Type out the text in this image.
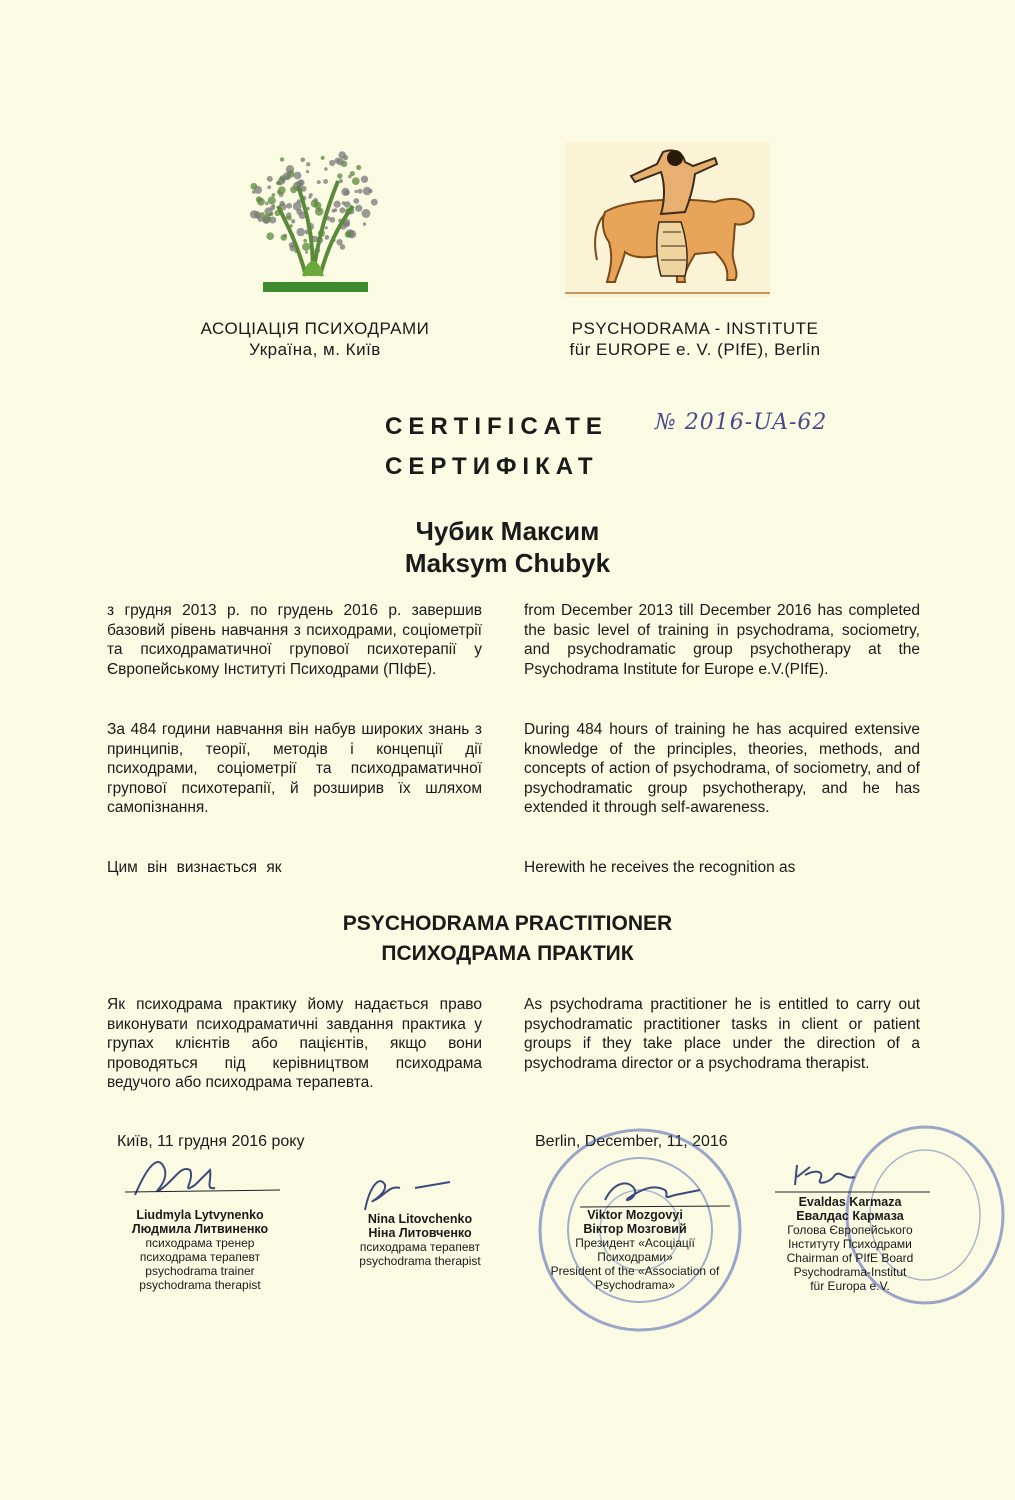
АСОЦІАЦІЯ ПСИХОДРАМИ
Україна, м. Київ
PSYCHODRAMA - INSTITUTE
für EUROPE e. V. (PIfE), Berlin
CERTIFICATE № 2016-UA-62
СЕРТИФІКАТ
Чубик Максим
Maksym Chubyk
з грудня 2013 р. по грудень 2016 р. завершив базовий рівень навчання з психодрами, соціометрії та психодраматичної групової психотерапії у Європейському Інституті Психодрами (ПІфЕ).
from December 2013 till December 2016 has completed the basic level of training in psychodrama, sociometry, and psychodramatic group psychotherapy at the Psychodrama Institute for Europe e.V.(PIfE).
За 484 години навчання він набув широких знань з принципів, теорії, методів і концепції дії психодрами, соціометрії та психодраматичної групової психотерапії, й розширив їх шляхом самопізнання.
During 484 hours of training he has acquired extensive knowledge of the principles, theories, methods, and concepts of action of psychodrama, of sociometry, and of psychodramatic group psychotherapy, and he has extended it through self-awareness.
Цим він визнається як	Herewith he receives the recognition as
PSYCHODRAMA PRACTITIONER
ПСИХОДРАМА ПРАКТИК
Як психодрама практику йому надається право виконувати психодраматичні завдання практика у групах клієнтів або пацієнтів, якщо вони проводяться під керівництвом психодрама ведучого або психодрама терапевта.
As psychodrama practitioner he is entitled to carry out psychodramatic practitioner tasks in client or patient groups if they take place under the direction of a psychodrama director or a psychodrama therapist.
Київ, 11 грудня 2016 року	Berlin, December, 11, 2016
Liudmyla Lytvynenko
Людмила Литвиненко
психодрама тренер
психодрама терапевт
psychodrama trainer
psychodrama therapist
Nina Litovchenko
Ніна Литовченко
психодрама терапевт
psychodrama therapist
Viktor Mozgovyi
Віктор Мозговий
Президент «Асоціації
Психодрами»
President of the «Association of
Psychodrama»
Evaldas Karmaza
Евалдас Кармаза
Голова Європейського
Інституту Психодрами
Chairman of PIfE Board
Psychodrama-Institut
für Europa e.V.
